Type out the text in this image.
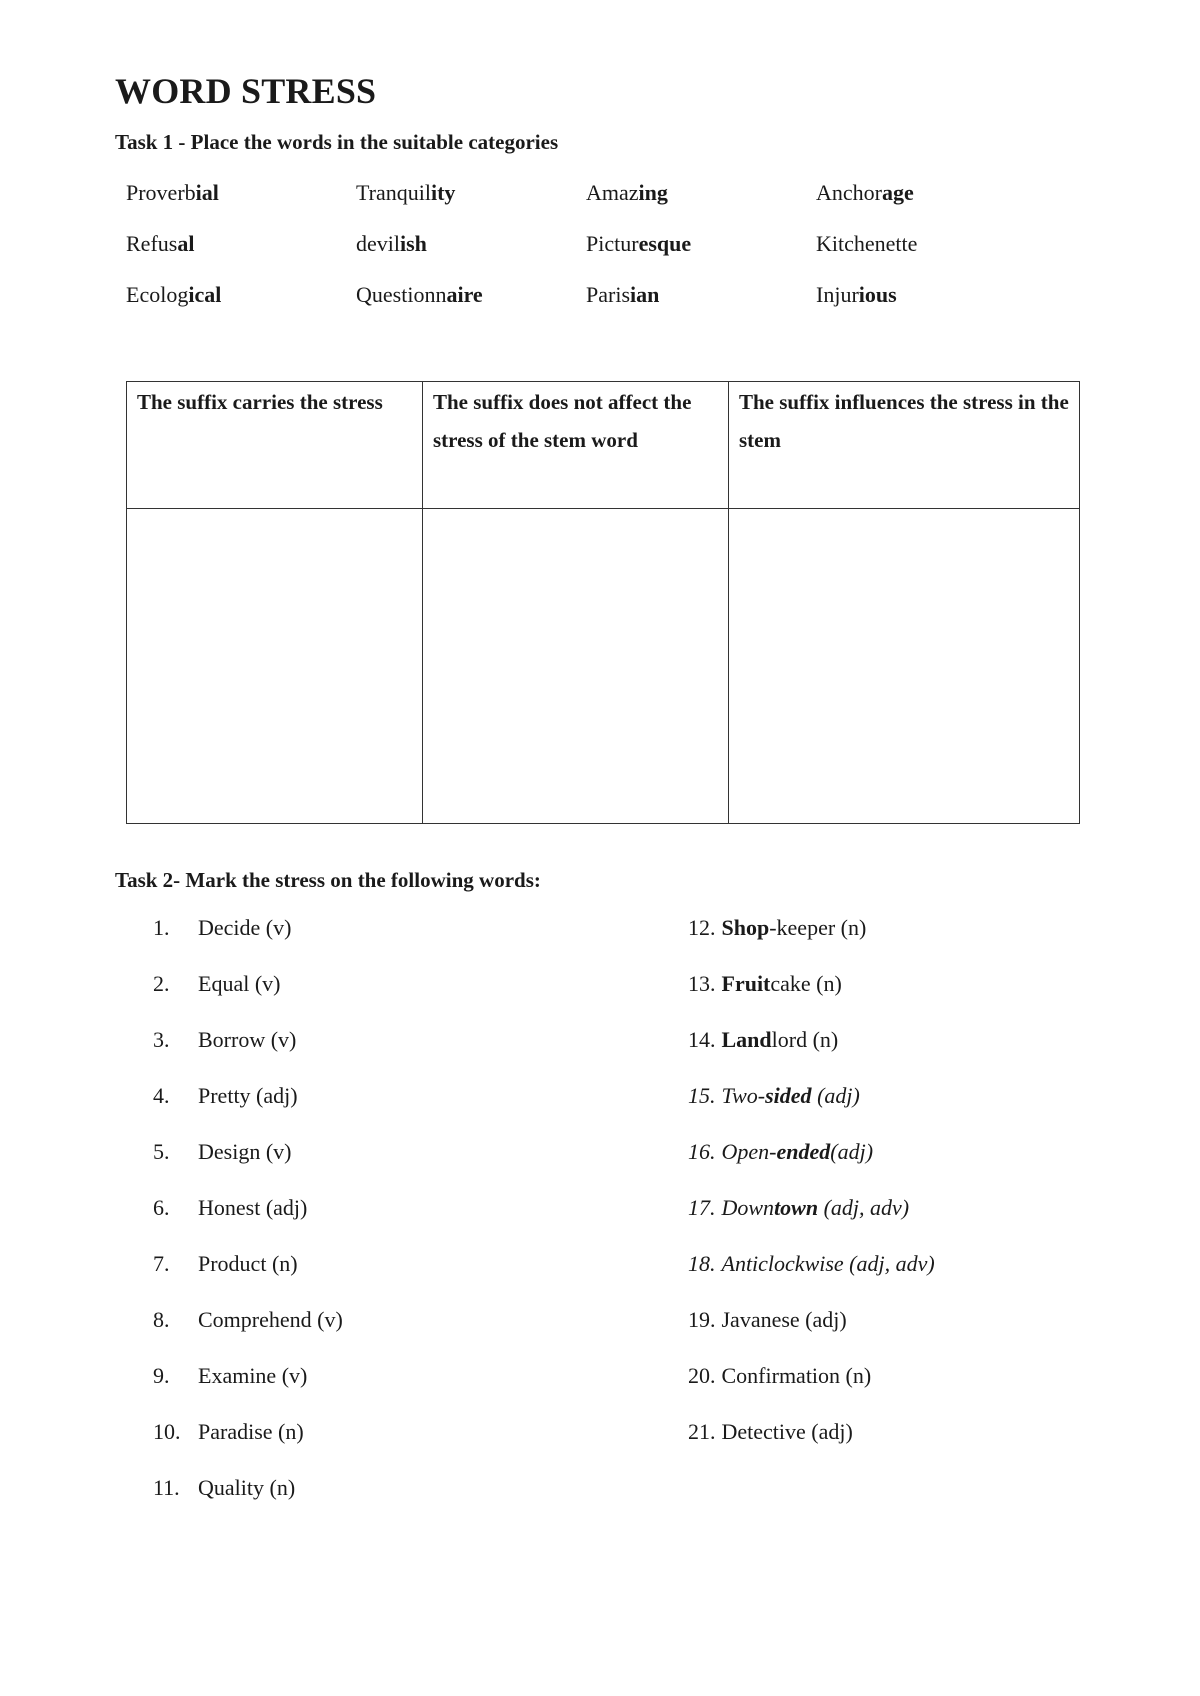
WORD STRESS
Task 1 - Place the words in the suitable categories
Proverbial	Tranquility	Amazing	Anchorage
Refusal	devilish	Picturesque	Kitchenette
Ecological	Questionnaire	Parisian	Injurious
The suffix carries the stress	The suffix does not affect the stress of the stem word	The suffix influences the stress in the stem

Task 2- Mark the stress on the following words:
1. Decide (v)
2. Equal (v)
3. Borrow (v)
4. Pretty (adj)
5. Design (v)
6. Honest (adj)
7. Product (n)
8. Comprehend (v)
9. Examine (v)
10. Paradise (n)
11. Quality (n)
12. Shop-keeper (n)
13. Fruitcake (n)
14. Landlord (n)
15. Two-sided (adj)
16. Open-ended(adj)
17. Downtown (adj, adv)
18. Anticlockwise (adj, adv)
19. Javanese (adj)
20. Confirmation (n)
21. Detective (adj)
